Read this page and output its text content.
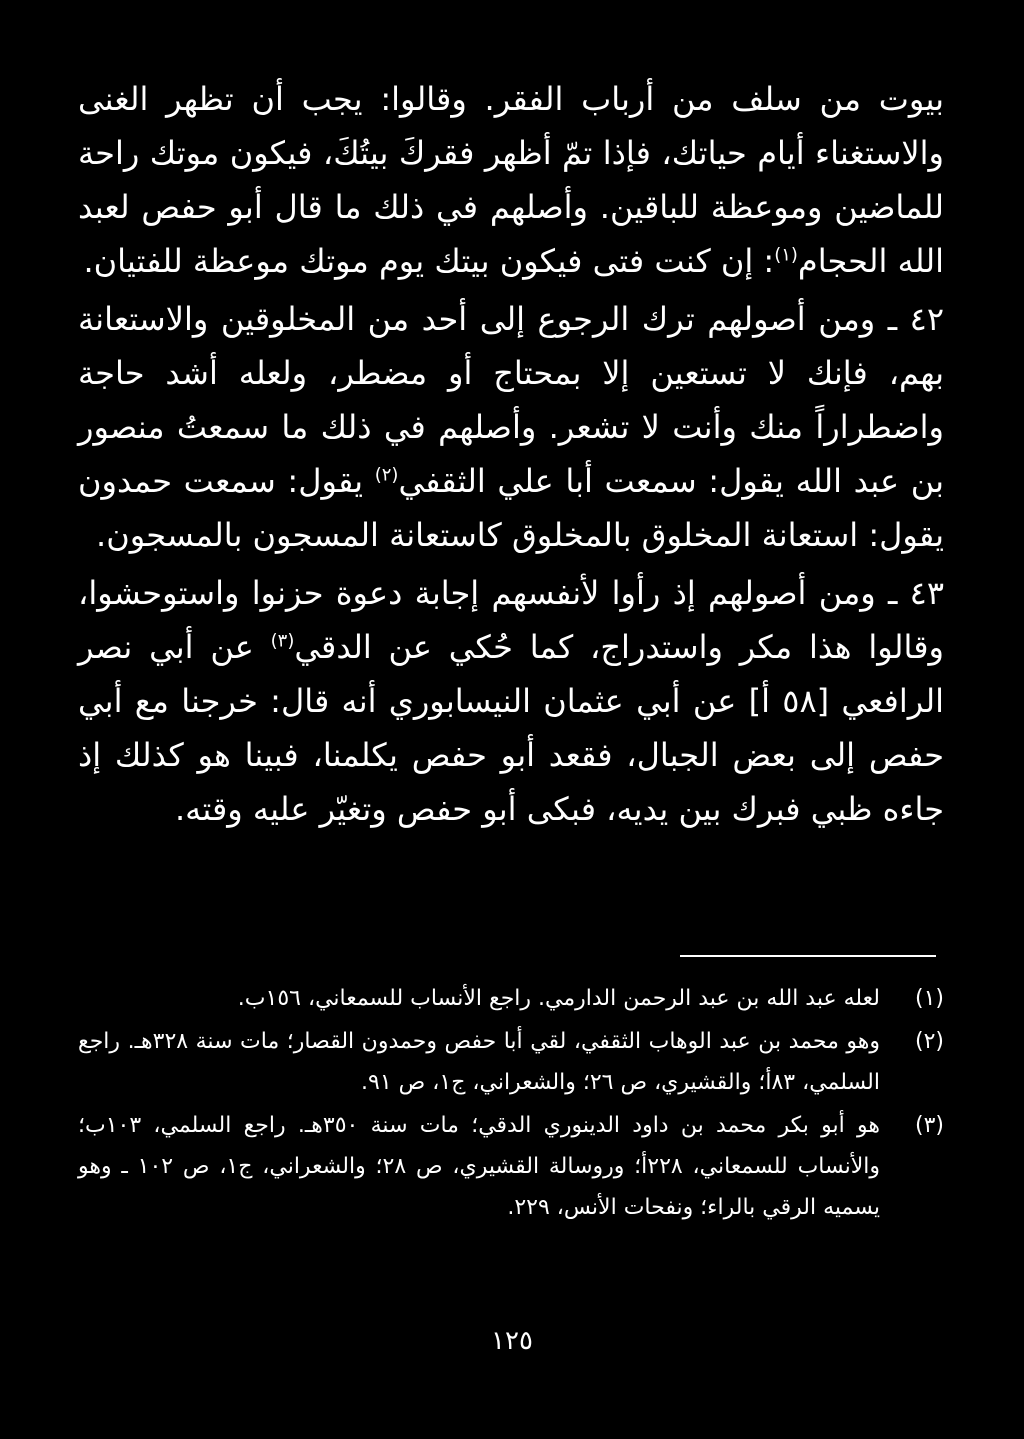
بيوت من سلف من أرباب الفقر. وقالوا: يجب أن تظهر الغنى والاستغناء أيام حياتك، فإذا تمّ أظهر فقركَ بيتُكَ، فيكون موتك راحة للماضين وموعظة للباقين. وأصلهم في ذلك ما قال أبو حفص لعبد الله الحجام$^{(١)}$: إن كنت فتى فيكون بيتك يوم موتك موعظة للفتيان.

٤٢ ـ ومن أصولهم ترك الرجوع إلى أحد من المخلوقين والاستعانة بهم، فإنك لا تستعين إلا بمحتاج أو مضطر، ولعله أشد حاجة واضطراراً منك وأنت لا تشعر. وأصلهم في ذلك ما سمعتُ منصور بن عبد الله يقول: سمعت أبا علي الثقفي$^{(٢)}$ يقول: سمعت حمدون يقول: استعانة المخلوق بالمخلوق كاستعانة المسجون بالمسجون.

٤٣ ـ ومن أصولهم إذ رأوا لأنفسهم إجابة دعوة حزنوا واستوحشوا، وقالوا هذا مكر واستدراج، كما حُكي عن الدقي$^{(٣)}$ عن أبي نصر الرافعي [٥٨ أ] عن أبي عثمان النيسابوري أنه قال: خرجنا مع أبي حفص إلى بعض الجبال، فقعد أبو حفص يكلمنا، فبينا هو كذلك إذ جاءه ظبي فبرك بين يديه، فبكى أبو حفص وتغيّر عليه وقته.

(١)
لعله عبد الله بن عبد الرحمن الدارمي. راجع الأنساب للسمعاني، ١٥٦ب.
(٢)
وهو محمد بن عبد الوهاب الثقفي، لقي أبا حفص وحمدون القصار؛ مات سنة ٣٢٨هـ. راجع السلمي، ٨٣أ؛ والقشيري، ص ٢٦؛ والشعراني، ج١، ص ٩١.
(٣)
هو أبو بكر محمد بن داود الدينوري الدقي؛ مات سنة ٣٥٠هـ. راجع السلمي، ١٠٣ب؛ والأنساب للسمعاني، ٢٢٨أ؛ وروسالة القشيري، ص ٢٨؛ والشعراني، ج١، ص ١٠٢ ـ وهو يسميه الرقي بالراء؛ ونفحات الأنس، ٢٢٩.
١٢٥
